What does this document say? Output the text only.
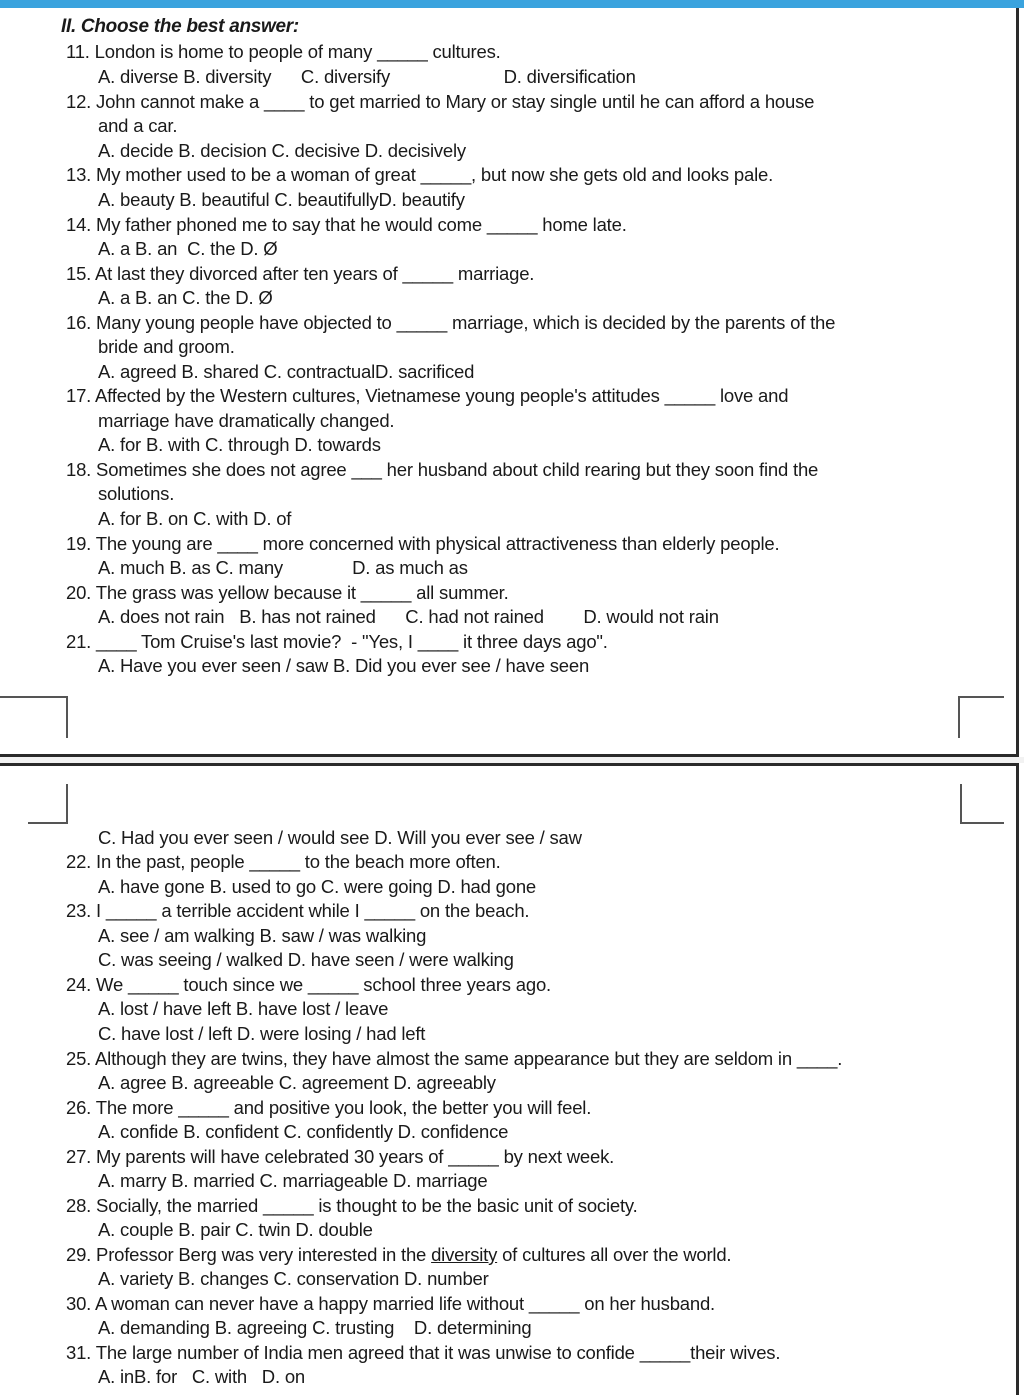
II. Choose the best answer:
11. London is home to people of many _____ cultures.
A. diverse B. diversity      C. diversify                       D. diversification
12. John cannot make a ____ to get married to Mary or stay single until he can afford a house
and a car.
A. decide B. decision C. decisive D. decisively
13. My mother used to be a woman of great _____, but now she gets old and looks pale.
A. beauty B. beautiful C. beautifullyD. beautify
14. My father phoned me to say that he would come _____ home late.
A. a B. an  C. the D. Ø
15. At last they divorced after ten years of _____ marriage.
A. a B. an C. the D. Ø
16. Many young people have objected to _____ marriage, which is decided by the parents of the
bride and groom.
A. agreed B. shared C. contractualD. sacrificed
17. Affected by the Western cultures, Vietnamese young people's attitudes _____ love and
marriage have dramatically changed.
A. for B. with C. through D. towards
18. Sometimes she does not agree ___ her husband about child rearing but they soon find the
solutions.
A. for B. on C. with D. of
19. The young are ____ more concerned with physical attractiveness than elderly people.
A. much B. as C. many              D. as much as
20. The grass was yellow because it _____ all summer.
A. does not rain   B. has not rained      C. had not rained        D. would not rain
21. ____ Tom Cruise's last movie?  - "Yes, I ____ it three days ago".
A. Have you ever seen / saw B. Did you ever see / have seen
C. Had you ever seen / would see D. Will you ever see / saw
22. In the past, people _____ to the beach more often.
A. have gone B. used to go C. were going D. had gone
23. I _____ a terrible accident while I _____ on the beach.
A. see / am walking B. saw / was walking
C. was seeing / walked D. have seen / were walking
24. We _____ touch since we _____ school three years ago.
A. lost / have left B. have lost / leave
C. have lost / left D. were losing / had left
25. Although they are twins, they have almost the same appearance but they are seldom in ____.
A. agree B. agreeable C. agreement D. agreeably
26. The more _____ and positive you look, the better you will feel.
A. confide B. confident C. confidently D. confidence
27. My parents will have celebrated 30 years of _____ by next week.
A. marry B. married C. marriageable D. marriage
28. Socially, the married _____ is thought to be the basic unit of society.
A. couple B. pair C. twin D. double
29. Professor Berg was very interested in the diversity of cultures all over the world.
A. variety B. changes C. conservation D. number
30. A woman can never have a happy married life without _____ on her husband.
A. demanding B. agreeing C. trusting    D. determining
31. The large number of India men agreed that it was unwise to confide _____their wives.
A. inB. for   C. with   D. on
